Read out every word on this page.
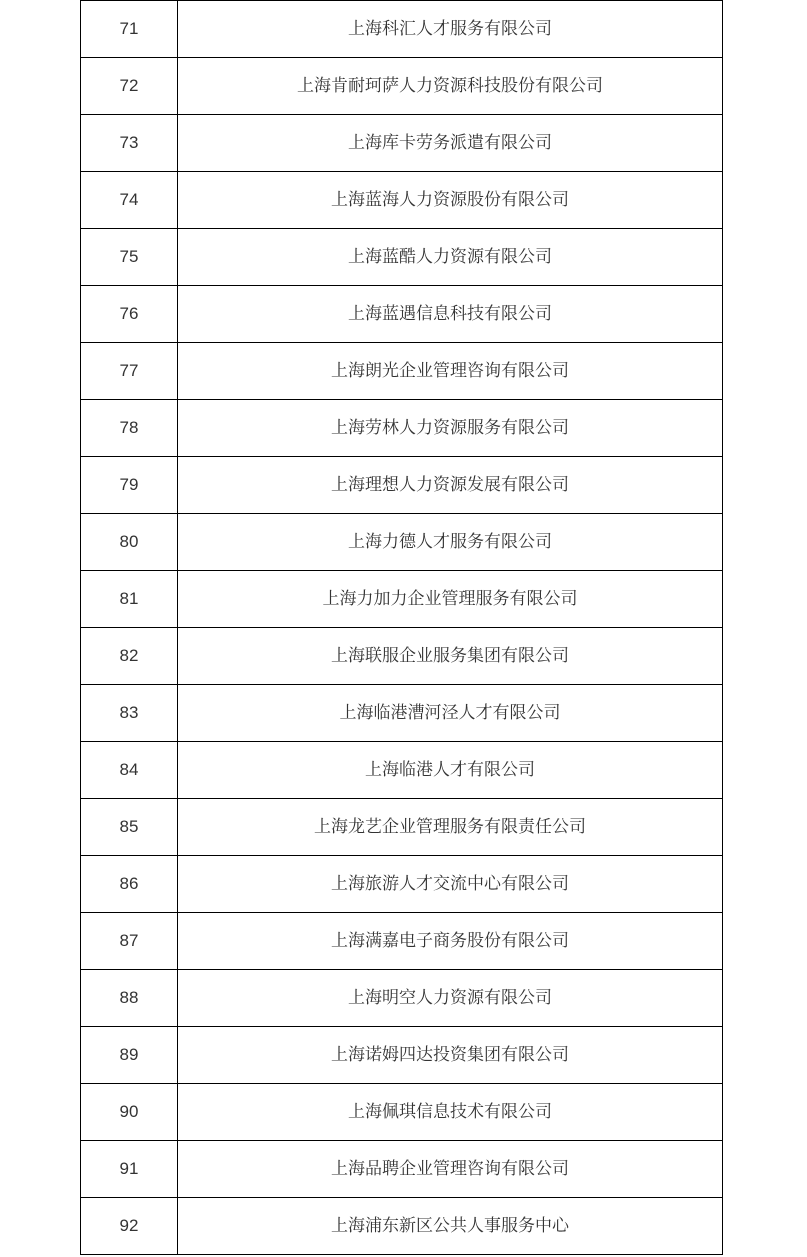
71	上海科汇人才服务有限公司
72	上海肯耐珂萨人力资源科技股份有限公司
73	上海库卡劳务派遣有限公司
74	上海蓝海人力资源股份有限公司
75	上海蓝酷人力资源有限公司
76	上海蓝遇信息科技有限公司
77	上海朗光企业管理咨询有限公司
78	上海劳林人力资源服务有限公司
79	上海理想人力资源发展有限公司
80	上海力德人才服务有限公司
81	上海力加力企业管理服务有限公司
82	上海联服企业服务集团有限公司
83	上海临港漕河泾人才有限公司
84	上海临港人才有限公司
85	上海龙艺企业管理服务有限责任公司
86	上海旅游人才交流中心有限公司
87	上海满嘉电子商务股份有限公司
88	上海明空人力资源有限公司
89	上海诺姆四达投资集团有限公司
90	上海佩琪信息技术有限公司
91	上海品聘企业管理咨询有限公司
92	上海浦东新区公共人事服务中心
